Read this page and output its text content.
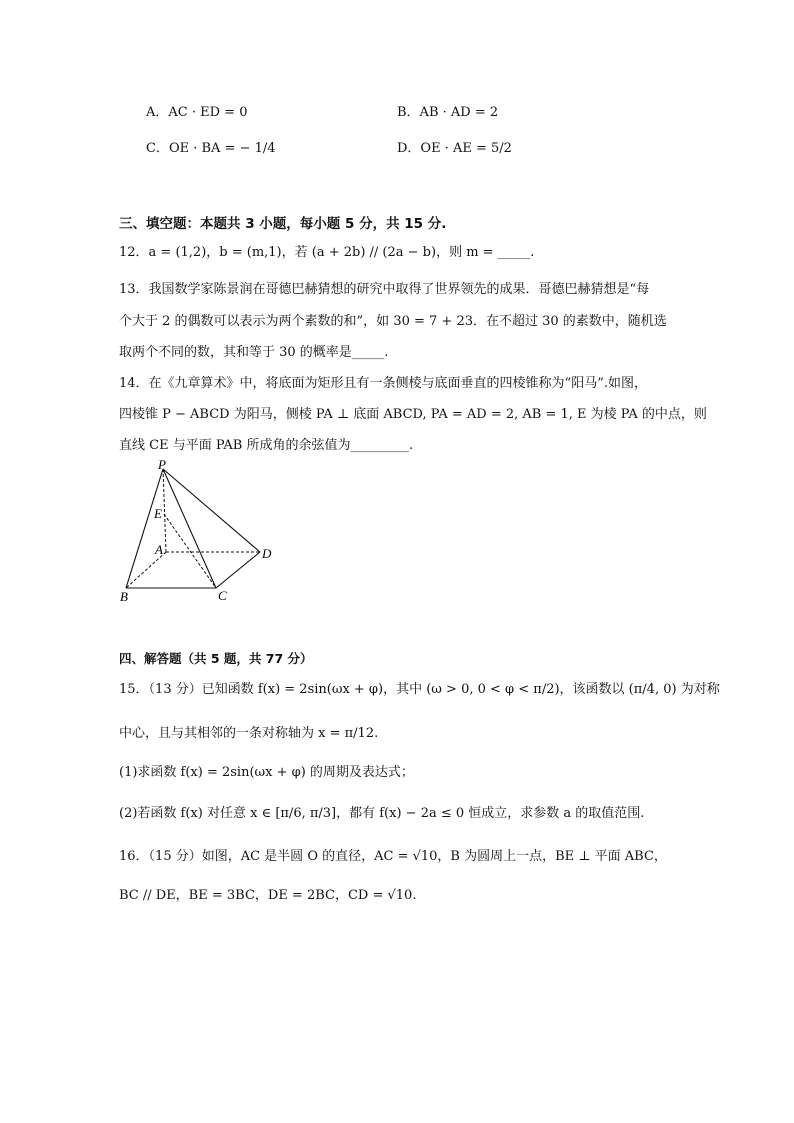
A．AC · ED = 0	B．AB · AD = 2
C．OE · BA = − 1/4	D．OE · AE = 5/2
三、填空题：本题共 3 小题，每小题 5 分，共 15 分.
12．a = (1,2)，b = (m,1)，若 (a + 2b) // (2a − b)，则 m = _____.
13．我国数学家陈景润在哥德巴赫猜想的研究中取得了世界领先的成果．哥德巴赫猜想是“每
个大于 2 的偶数可以表示为两个素数的和”，如 30 = 7 + 23．在不超过 30 的素数中，随机选
取两个不同的数，其和等于 30 的概率是_____.
14．在《九章算术》中，将底面为矩形且有一条侧棱与底面垂直的四棱锥称为“阳马”.如图，
四棱锥 P − ABCD 为阳马，侧棱 PA ⊥ 底面 ABCD, PA = AD = 2, AB = 1, E 为棱 PA 的中点，则
直线 CE 与平面 PAB 所成角的余弦值为_________.
P
E
A	D
B	C
四、解答题（共 5 题，共 77 分）
15．（13 分）已知函数 f(x) = 2sin(ωx + φ)，其中 (ω > 0, 0 < φ < π/2)，该函数以 (π/4, 0) 为对称
中心，且与其相邻的一条对称轴为 x = π/12.
(1)求函数 f(x) = 2sin(ωx + φ) 的周期及表达式；
(2)若函数 f(x) 对任意 x ∈ [π/6, π/3]，都有 f(x) − 2a ≤ 0 恒成立，求参数 a 的取值范围.
16．（15 分）如图，AC 是半圆 O 的直径，AC = √10，B 为圆周上一点，BE ⊥ 平面 ABC，
BC // DE，BE = 3BC，DE = 2BC，CD = √10.
